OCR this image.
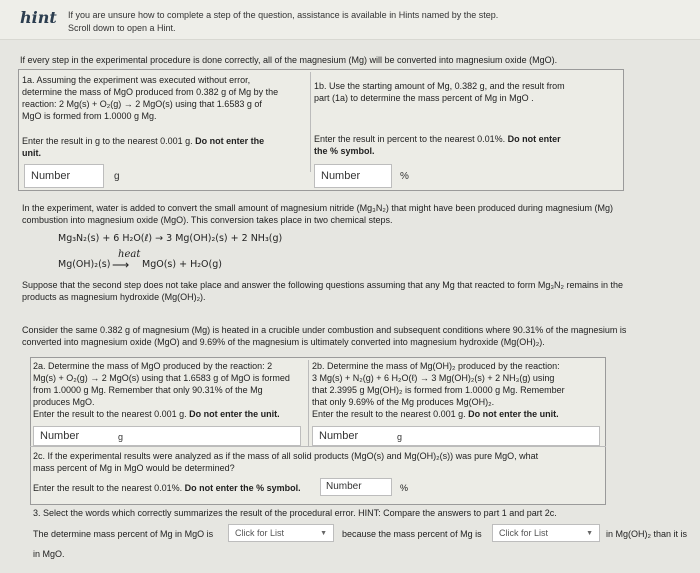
hint	If you are unsure how to complete a step of the question, assistance is available in Hints named by the step.
Scroll down to open a Hint.
If every step in the experimental procedure is done correctly, all of the magnesium (Mg) will be converted into magnesium oxide (MgO).
1a. Assuming the experiment was executed without error,
determine the mass of MgO produced from 0.382 g of Mg by the
reaction: 2 Mg(s) + O₂(g) → 2 MgO(s) using that 1.6583 g of
MgO is formed from 1.0000 g Mg.
Enter the result in g to the nearest 0.001 g. Do not enter the
unit.
Number	g
1b. Use the starting amount of Mg, 0.382 g, and the result from
part (1a) to determine the mass percent of Mg in MgO .
Enter the result in percent to the nearest 0.01%. Do not enter
the % symbol.
Number	%
In the experiment, water is added to convert the small amount of magnesium nitride (Mg₃N₂) that might have been produced during magnesium (Mg)
combustion into magnesium oxide (MgO). This conversion takes place in two chemical steps.
Mg₃N₂(s) + 6 H₂O(ℓ) → 3 Mg(OH)₂(s) + 2 NH₃(g)
Mg(OH)₂(s)
heat
⟶ MgO(s) + H₂O(g)
Suppose that the second step does not take place and answer the following questions assuming that any Mg that reacted to form Mg₃N₂ remains in the
products as magnesium hydroxide (Mg(OH)₂).
Consider the same 0.382 g of magnesium (Mg) is heated in a crucible under combustion and subsequent conditions where 90.31% of the magnesium is
converted into magnesium oxide (MgO) and 9.69% of the magnesium is ultimately converted into magnesium hydroxide (Mg(OH)₂).
2a. Determine the mass of MgO produced by the reaction: 2
Mg(s) + O₂(g) → 2 MgO(s) using that 1.6583 g of MgO is formed
from 1.0000 g Mg. Remember that only 90.31% of the Mg
produces MgO.
Enter the result to the nearest 0.001 g. Do not enter the unit.
Number	g
2b. Determine the mass of Mg(OH)₂ produced by the reaction:
3 Mg(s) + N₂(g) + 6 H₂O(ℓ) → 3 Mg(OH)₂(s) + 2 NH₃(g) using
that 2.3995 g Mg(OH)₂ is formed from 1.0000 g Mg. Remember
that only 9.69% of the Mg produces Mg(OH)₂.
Enter the result to the nearest 0.001 g. Do not enter the unit.
Number	g
2c. If the experimental results were analyzed as if the mass of all solid products (MgO(s) and Mg(OH)₂(s)) was pure MgO, what
mass percent of Mg in MgO would be determined?
Enter the result to the nearest 0.01%. Do not enter the % symbol.	Number	%
3. Select the words which correctly summarizes the result of the procedural error. HINT: Compare the answers to part 1 and part 2c.
The determine mass percent of Mg in MgO is	Click for List	▼ because the mass percent of Mg is	Click for List	▼ in Mg(OH)₂ than it is
in MgO.
